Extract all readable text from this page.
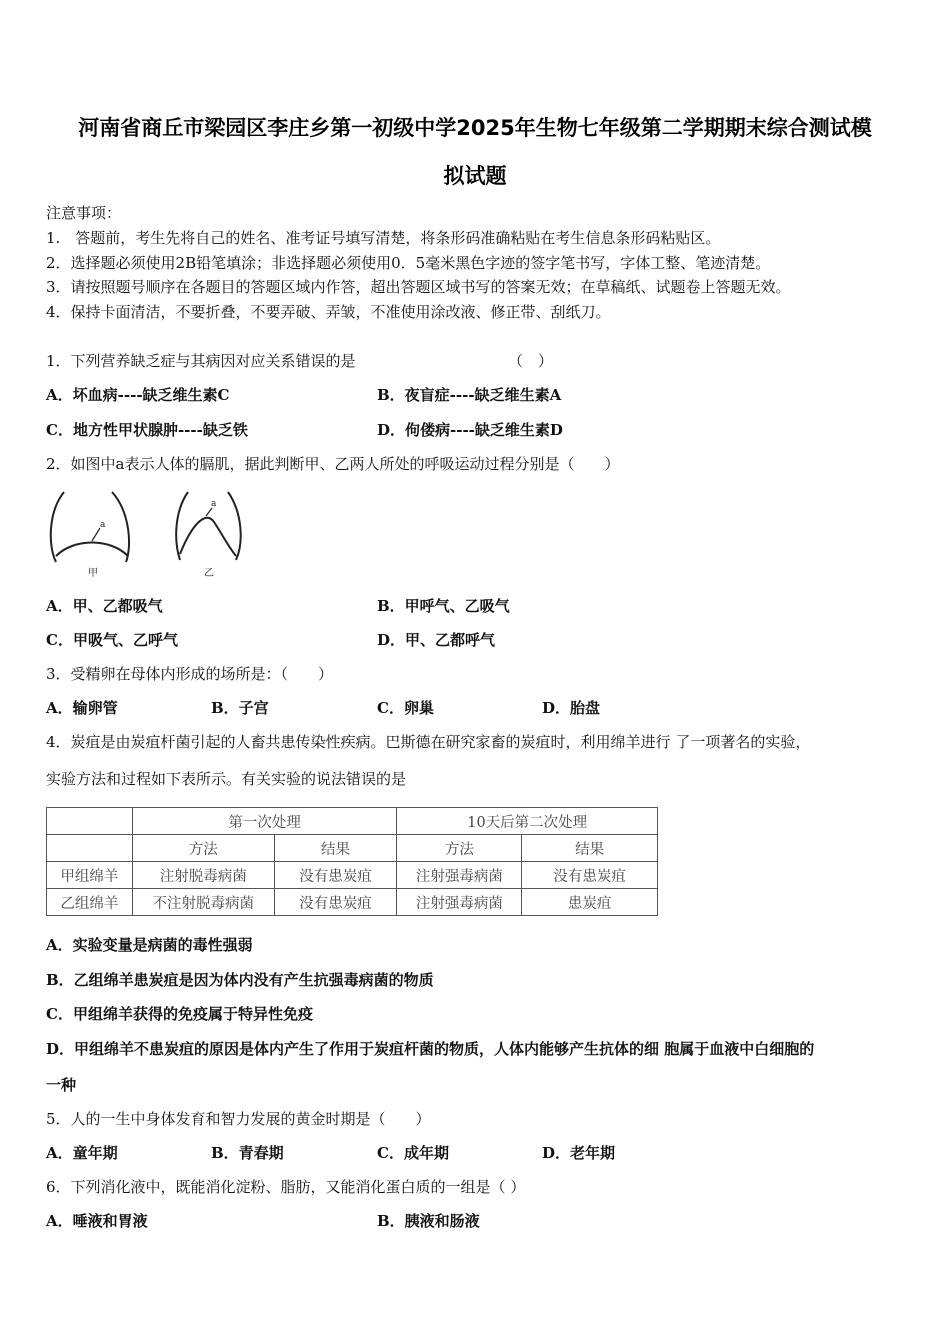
河南省商丘市梁园区李庄乡第一初级中学2025年生物七年级第二学期期末综合测试模
拟试题
注意事项：
1.　答题前，考生先将自己的姓名、准考证号填写清楚，将条形码准确粘贴在考生信息条形码粘贴区。
2．选择题必须使用2B铅笔填涂；非选择题必须使用0．5毫米黑色字迹的签字笔书写，字体工整、笔迹清楚。
3．请按照题号顺序在各题目的答题区域内作答，超出答题区域书写的答案无效；在草稿纸、试题卷上答题无效。
4．保持卡面清洁，不要折叠，不要弄破、弄皱，不准使用涂改液、修正带、刮纸刀。
1．下列营养缺乏症与其病因对应关系错误的是	（　）
A．坏血病----缺乏维生素C	B．夜盲症----缺乏维生素A
C．地方性甲状腺肿----缺乏铁	D．佝偻病----缺乏维生素D
2．如图中a表示人体的膈肌，据此判断甲、乙两人所处的呼吸运动过程分别是（　　）
a
甲
a
乙
A．甲、乙都吸气	B．甲呼气、乙吸气
C．甲吸气、乙呼气	D．甲、乙都呼气
3．受精卵在母体内形成的场所是：（　　）
A．输卵管	B．子宫	C．卵巢	D．胎盘
4．炭疽是由炭疽杆菌引起的人畜共患传染性疾病。巴斯德在研究家畜的炭疽时，利用绵羊进行 了一项著名的实验，
实验方法和过程如下表所示。有关实验的说法错误的是
	第一次处理		10天后第二次处理	
	方法	结果	方法	结果
甲组绵羊	注射脱毒病菌	没有患炭疽	注射强毒病菌	没有患炭疽
乙组绵羊	不注射脱毒病菌	没有患炭疽	注射强毒病菌	患炭疽
A．实验变量是病菌的毒性强弱
B．乙组绵羊患炭疽是因为体内没有产生抗强毒病菌的物质
C．甲组绵羊获得的免疫属于特异性免疫
D．甲组绵羊不患炭疽的原因是体内产生了作用于炭疽杆菌的物质，人体内能够产生抗体的细 胞属于血液中白细胞的
一种
5．人的一生中身体发育和智力发展的黄金时期是（　　）
A．童年期	B．青春期	C．成年期	D．老年期
6．下列消化液中，既能消化淀粉、脂肪，又能消化蛋白质的一组是（ ）
A．唾液和胃液	B．胰液和肠液
